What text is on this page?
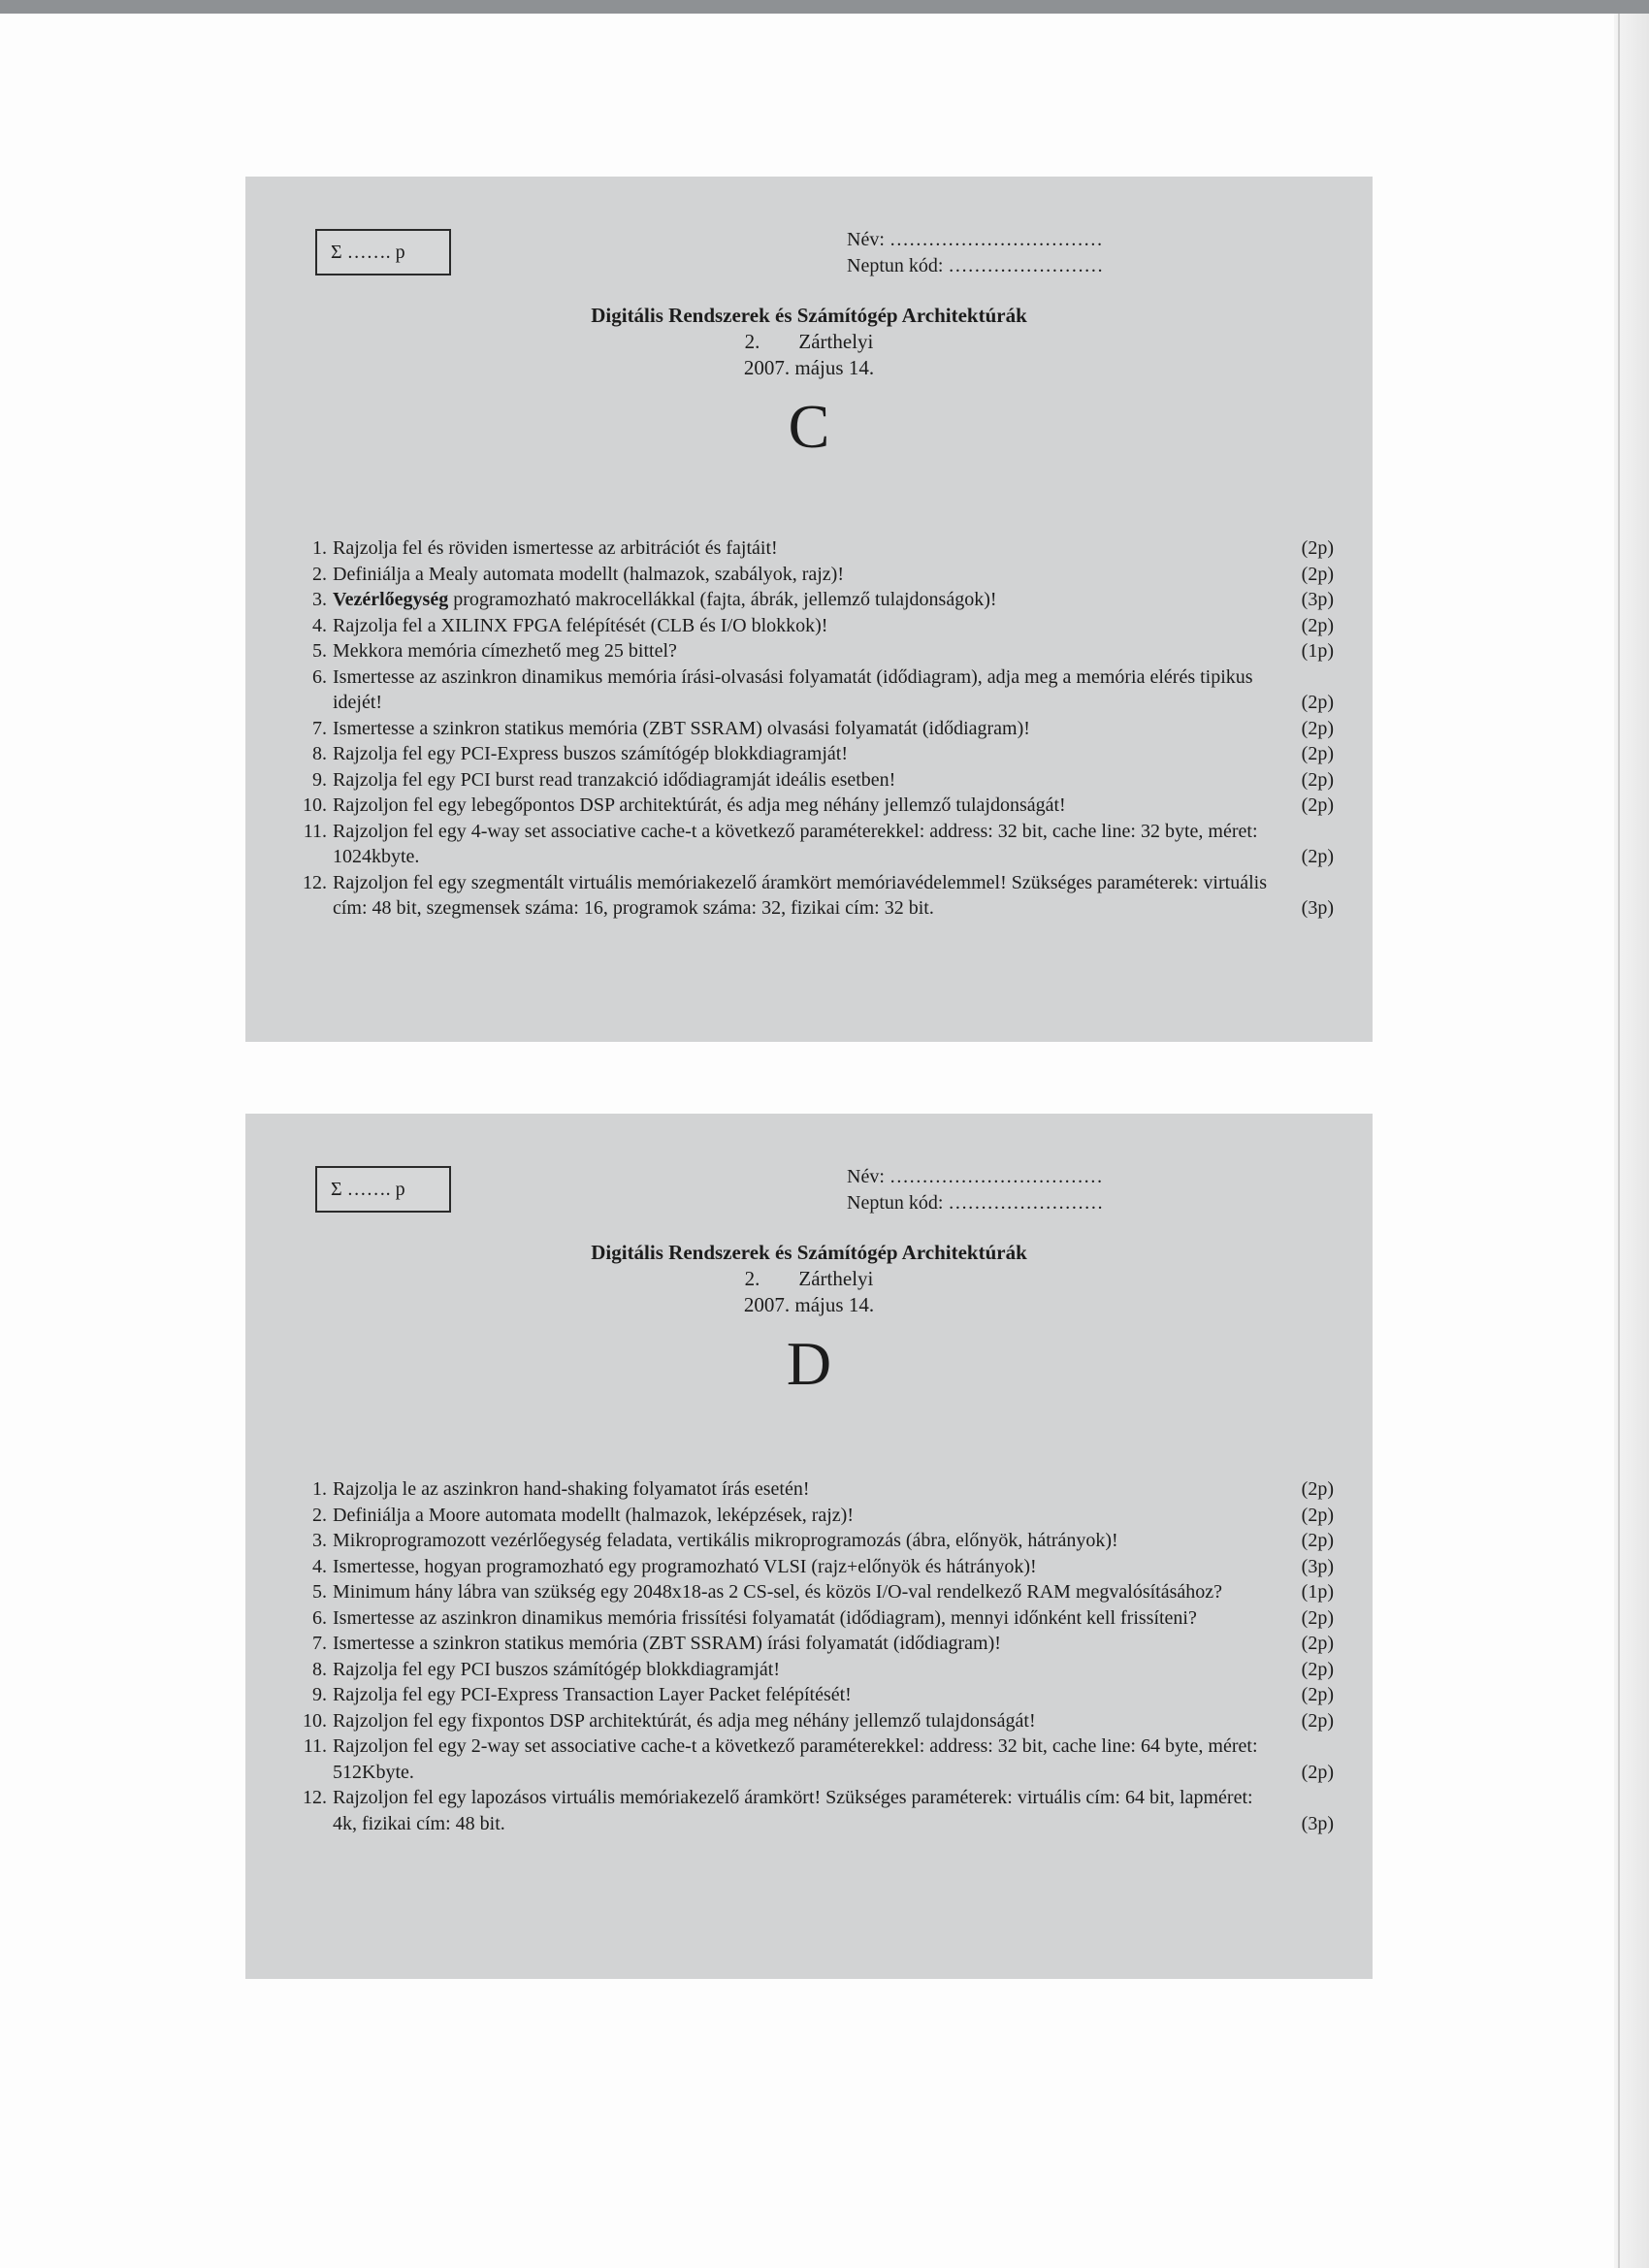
Σ ……. p
Név: ……………………………
Neptun kód: ……………………
Digitális Rendszerek és Számítógép Architektúrák
2. Zárthelyi
2007. május 14.
C
1. Rajzolja fel és röviden ismertesse az arbitrációt és fajtáit!	(2p)
2. Definiálja a Mealy automata modellt (halmazok, szabályok, rajz)!	(2p)
3. Vezérlőegység programozható makrocellákkal (fajta, ábrák, jellemző tulajdonságok)!	(3p)
4. Rajzolja fel a XILINX FPGA felépítését (CLB és I/O blokkok)!	(2p)
5. Mekkora memória címezhető meg 25 bittel?	(1p)
6. Ismertesse az aszinkron dinamikus memória írási-olvasási folyamatát (idődiagram), adja meg a memória elérés tipikus idejét!	(2p)
7. Ismertesse a szinkron statikus memória (ZBT SSRAM) olvasási folyamatát (idődiagram)!	(2p)
8. Rajzolja fel egy PCI-Express buszos számítógép blokkdiagramját!	(2p)
9. Rajzolja fel egy PCI burst read tranzakció idődiagramját ideális esetben!	(2p)
10. Rajzoljon fel egy lebegőpontos DSP architektúrát, és adja meg néhány jellemző tulajdonságát!	(2p)
11. Rajzoljon fel egy 4-way set associative cache-t a következő paraméterekkel: address: 32 bit, cache line: 32 byte, méret: 1024kbyte.	(2p)
12. Rajzoljon fel egy szegmentált virtuális memóriakezelő áramkört memóriavédelemmel! Szükséges paraméterek: virtuális cím: 48 bit, szegmensek száma: 16, programok száma: 32, fizikai cím: 32 bit.	(3p)
Σ ……. p
Név: ……………………………
Neptun kód: ……………………
Digitális Rendszerek és Számítógép Architektúrák
2. Zárthelyi
2007. május 14.
D
1. Rajzolja le az aszinkron hand-shaking folyamatot írás esetén!	(2p)
2. Definiálja a Moore automata modellt (halmazok, leképzések, rajz)!	(2p)
3. Mikroprogramozott vezérlőegység feladata, vertikális mikroprogramozás (ábra, előnyök, hátrányok)!	(2p)
4. Ismertesse, hogyan programozható egy programozható VLSI (rajz+előnyök és hátrányok)!	(3p)
5. Minimum hány lábra van szükség egy 2048x18-as 2 CS-sel, és közös I/O-val rendelkező RAM megvalósításához?	(1p)
6. Ismertesse az aszinkron dinamikus memória frissítési folyamatát (idődiagram), mennyi időnként kell frissíteni?	(2p)
7. Ismertesse a szinkron statikus memória (ZBT SSRAM) írási folyamatát (idődiagram)!	(2p)
8. Rajzolja fel egy PCI buszos számítógép blokkdiagramját!	(2p)
9. Rajzolja fel egy PCI-Express Transaction Layer Packet felépítését!	(2p)
10. Rajzoljon fel egy fixpontos DSP architektúrát, és adja meg néhány jellemző tulajdonságát!	(2p)
11. Rajzoljon fel egy 2-way set associative cache-t a következő paraméterekkel: address: 32 bit, cache line: 64 byte, méret: 512Kbyte.	(2p)
12. Rajzoljon fel egy lapozásos virtuális memóriakezelő áramkört! Szükséges paraméterek: virtuális cím: 64 bit, lapméret: 4k, fizikai cím: 48 bit.	(3p)
